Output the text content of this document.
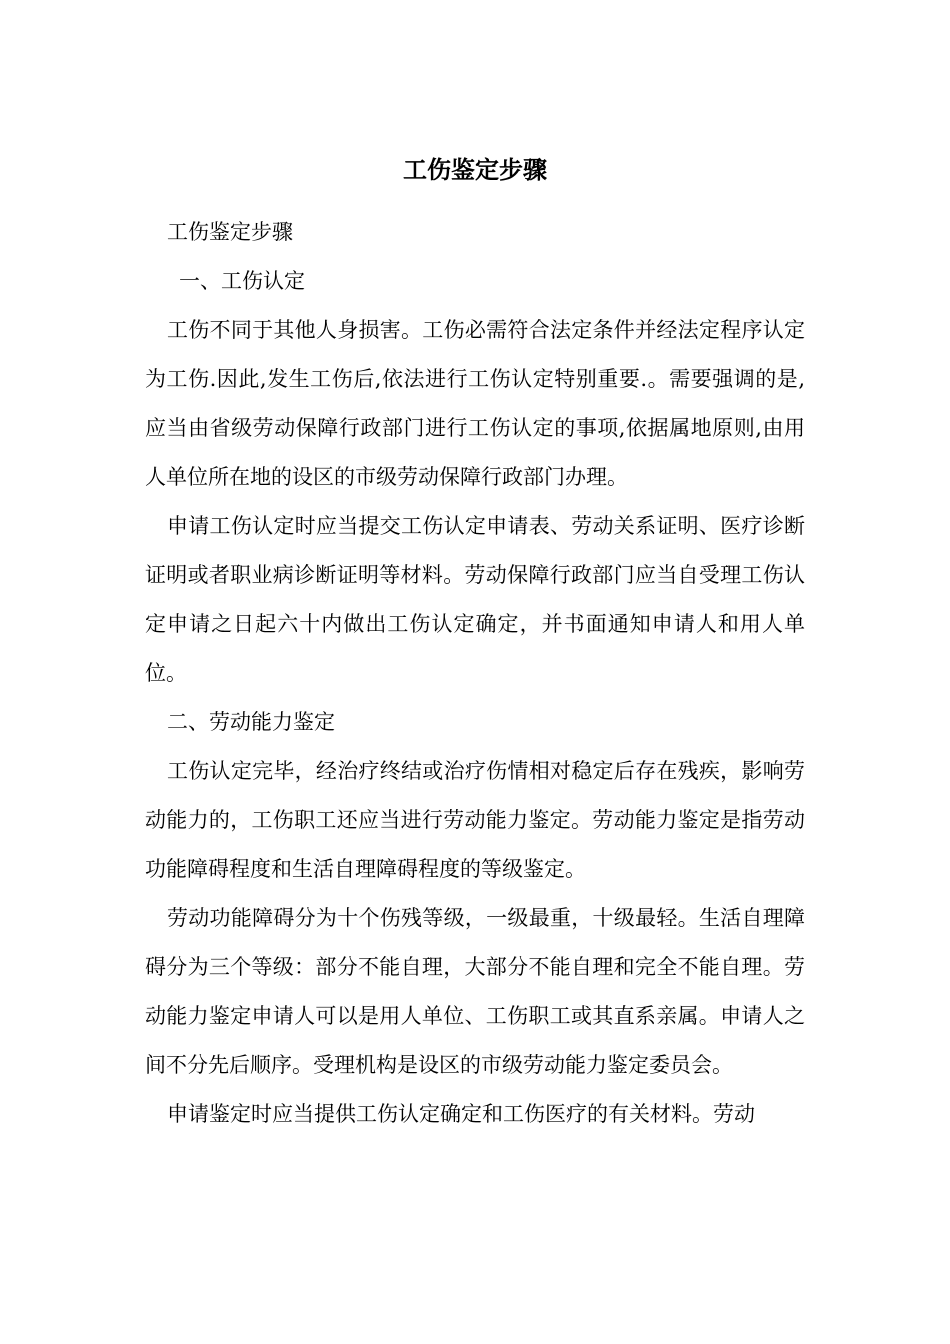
工伤鉴定步骤

工伤鉴定步骤

一、工伤认定

工伤不同于其他人身损害。工伤必需符合法定条件并经法定程序认定为工伤.因此,发生工伤后,依法进行工伤认定特别重要.。需要强调的是,应当由省级劳动保障行政部门进行工伤认定的事项,依据属地原则,由用人单位所在地的设区的市级劳动保障行政部门办理。

申请工伤认定时应当提交工伤认定申请表、劳动关系证明、医疗诊断证明或者职业病诊断证明等材料。劳动保障行政部门应当自受理工伤认定申请之日起六十内做出工伤认定确定，并书面通知申请人和用人单位。

二、劳动能力鉴定

工伤认定完毕，经治疗终结或治疗伤情相对稳定后存在残疾，影响劳动能力的，工伤职工还应当进行劳动能力鉴定。劳动能力鉴定是指劳动功能障碍程度和生活自理障碍程度的等级鉴定。

劳动功能障碍分为十个伤残等级，一级最重，十级最轻。生活自理障碍分为三个等级：部分不能自理，大部分不能自理和完全不能自理。劳动能力鉴定申请人可以是用人单位、工伤职工或其直系亲属。申请人之间不分先后顺序。受理机构是设区的市级劳动能力鉴定委员会。

申请鉴定时应当提供工伤认定确定和工伤医疗的有关材料。劳动
